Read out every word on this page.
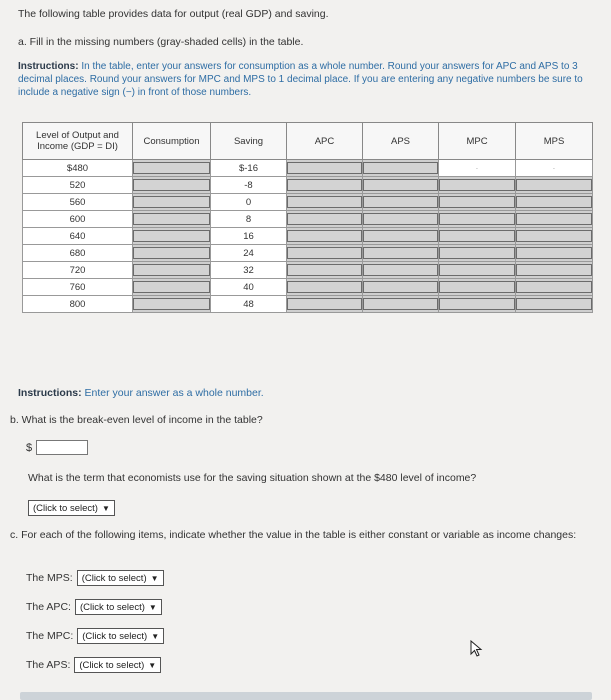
The following table provides data for output (real GDP) and saving.
a. Fill in the missing numbers (gray-shaded cells) in the table.
Instructions: In the table, enter your answers for consumption as a whole number. Round your answers for APC and APS to 3 decimal places. Round your answers for MPC and MPS to 1 decimal place. If you are entering any negative numbers be sure to include a negative sign (−) in front of those numbers.
Level of Output and Income (GDP = DI)	Consumption	Saving	APC	APS	MPC	MPS
$480		$-16			·	·
520		-8	

560		0	

600		8	

640		16	

680		24	

720		32	

760		40	

800		48	

Instructions: Enter your answer as a whole number.
b. What is the break-even level of income in the table?
$
What is the term that economists use for the saving situation shown at the $480 level of income?
(Click to select) ▼
c. For each of the following items, indicate whether the value in the table is either constant or variable as income changes:
The MPS: (Click to select) ▼
The APC: (Click to select) ▼
The MPC: (Click to select) ▼
The APS: (Click to select) ▼
